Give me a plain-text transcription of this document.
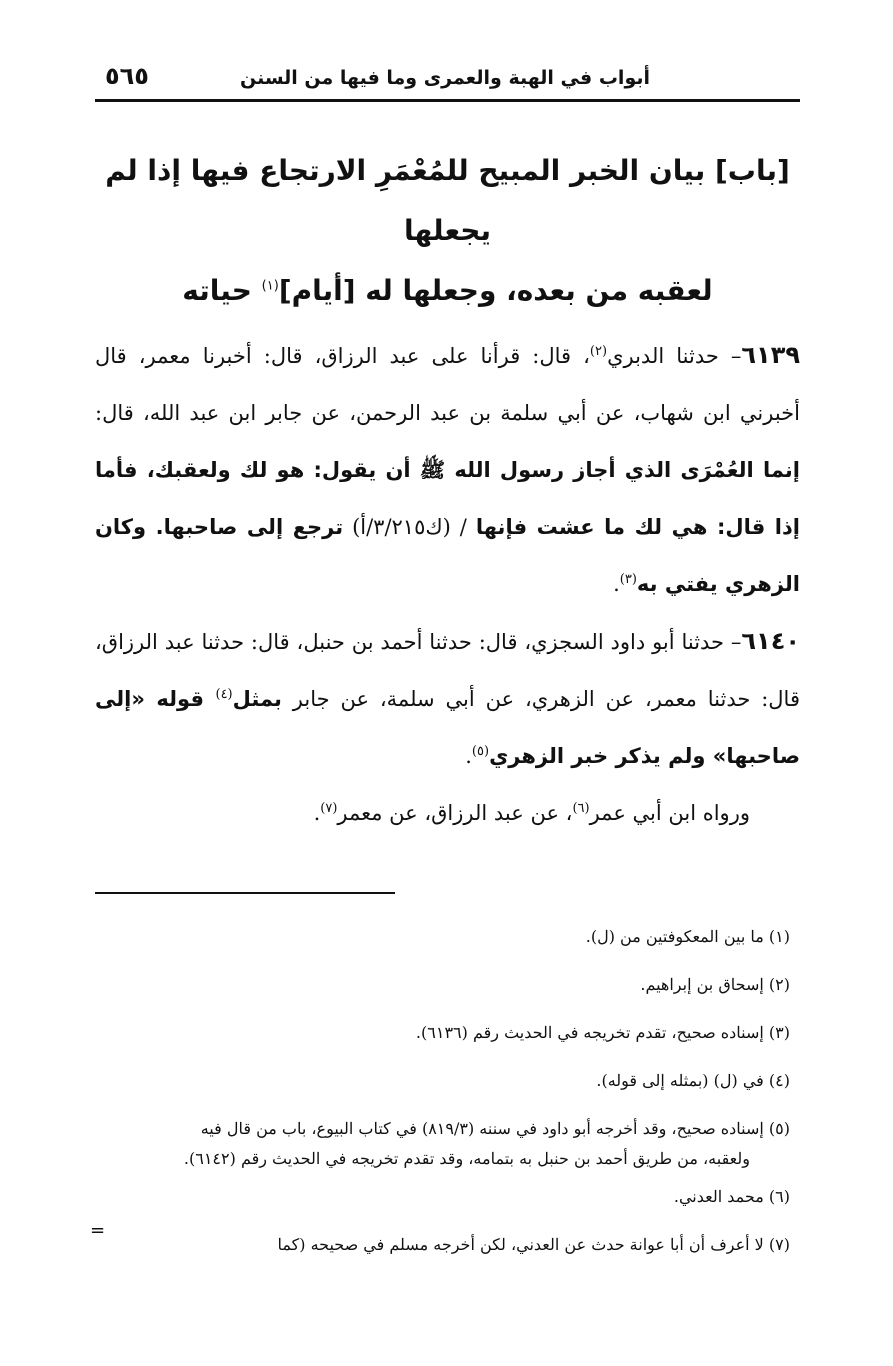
أبواب في الهبة والعمرى وما فيها من السنن
٥٦٥
[باب] بيان الخبر المبيح للمُعْمَرِ الارتجاع فيها إذا لم يجعلها
لعقبه من بعده، وجعلها له [أيام]$^{(١)}$ حياته

٦١٣٩– حدثنا الدبري$^{(٢)}$، قال: قرأنا على عبد الرزاق، قال: أخبرنا معمر، قال أخبرني ابن شهاب، عن أبي سلمة بن عبد الرحمن، عن جابر ابن عبد الله، قال: إنما العُمْرَى الذي أجاز رسول الله ﷺ أن يقول: هو لك ولعقبك، فأما إذا قال: هي لك ما عشت فإنها / (ك٣/٢١٥/أ) ترجع إلى صاحبها. وكان الزهري يفتي به$^{(٣)}$.

٦١٤٠– حدثنا أبو داود السجزي، قال: حدثنا أحمد بن حنبل، قال: حدثنا عبد الرزاق، قال: حدثنا معمر، عن الزهري، عن أبي سلمة، عن جابر بمثل$^{(٤)}$ قوله «إلى صاحبها» ولم يذكر خبر الزهري$^{(٥)}$.

ورواه ابن أبي عمر$^{(٦)}$، عن عبد الرزاق، عن معمر$^{(٧)}$.

(١) ما بين المعكوفتين من (ل).
(٢) إسحاق بن إبراهيم.
(٣) إسناده صحيح، تقدم تخريجه في الحديث رقم (٦١٣٦).
(٤) في (ل) (بمثله إلى قوله).
(٥) إسناده صحيح، وقد أخرجه أبو داود في سننه (٨١٩/٣) في كتاب البيوع، باب من قال فيه
ولعقبه، من طريق أحمد بن حنبل به بتمامه، وقد تقدم تخريجه في الحديث رقم (٦١٤٢).
(٦) محمد العدني.
(٧) لا أعرف أن أبا عوانة حدث عن العدني، لكن أخرجه مسلم في صحيحه (كما
=
